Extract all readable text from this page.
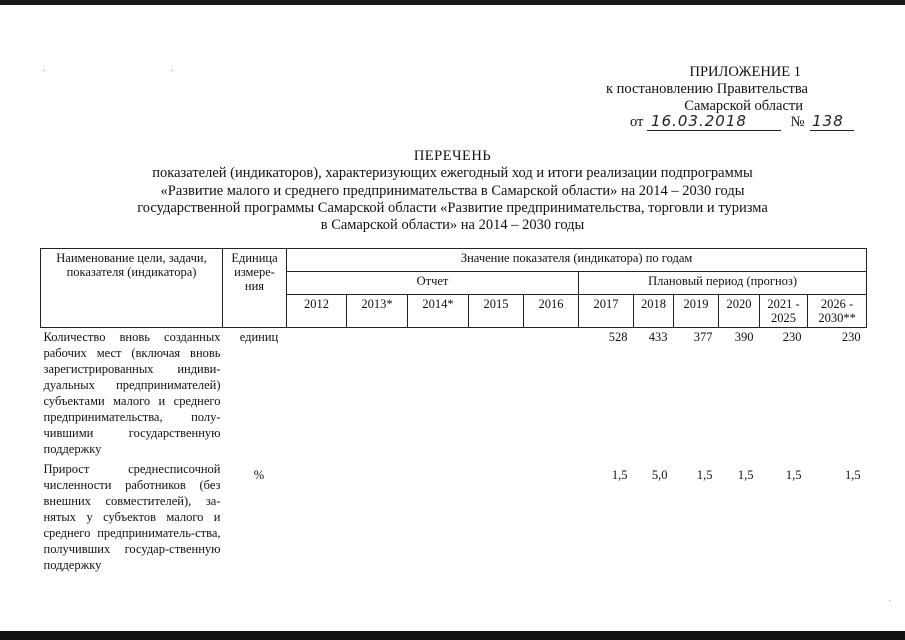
ПРИЛОЖЕНИЕ 1
к постановлению Правительства
Самарской области
от 16.03.2018	№ 138
ПЕРЕЧЕНЬ
показателей (индикаторов), характеризующих ежегодный ход и итоги реализации подпрограммы
«Развитие малого и среднего предпринимательства в Самарской области» на 2014 – 2030 годы
государственной программы Самарской области «Развитие предпринимательства, торговли и туризма
в Самарской области» на 2014 – 2030 годы
Наименование цели, задачи, показателя (индикатора)	Единица измере-ния	Значение показателя (индикатора) по годам										
		Отчет					Плановый период (прогноз)					
		2012	2013*	2014*	2015	2016	2017	2018	2019	2020	2021 - 2025	2026 - 2030**
Количество вновь созданных рабочих мест (включая вновь зарегистрированных индиви-дуальных предпринимателей) субъектами малого и среднего предпринимательства, полу-чившими государственную поддержку	единиц						528	433	377	390	230	230
Прирост среднесписочной численности работников (без внешних совместителей), за-нятых у субъектов малого и среднего предприниматель-ства, получивших государ-ственную поддержку	%						1,5	5,0	1,5	1,5	1,5	1,5
·	·
·
